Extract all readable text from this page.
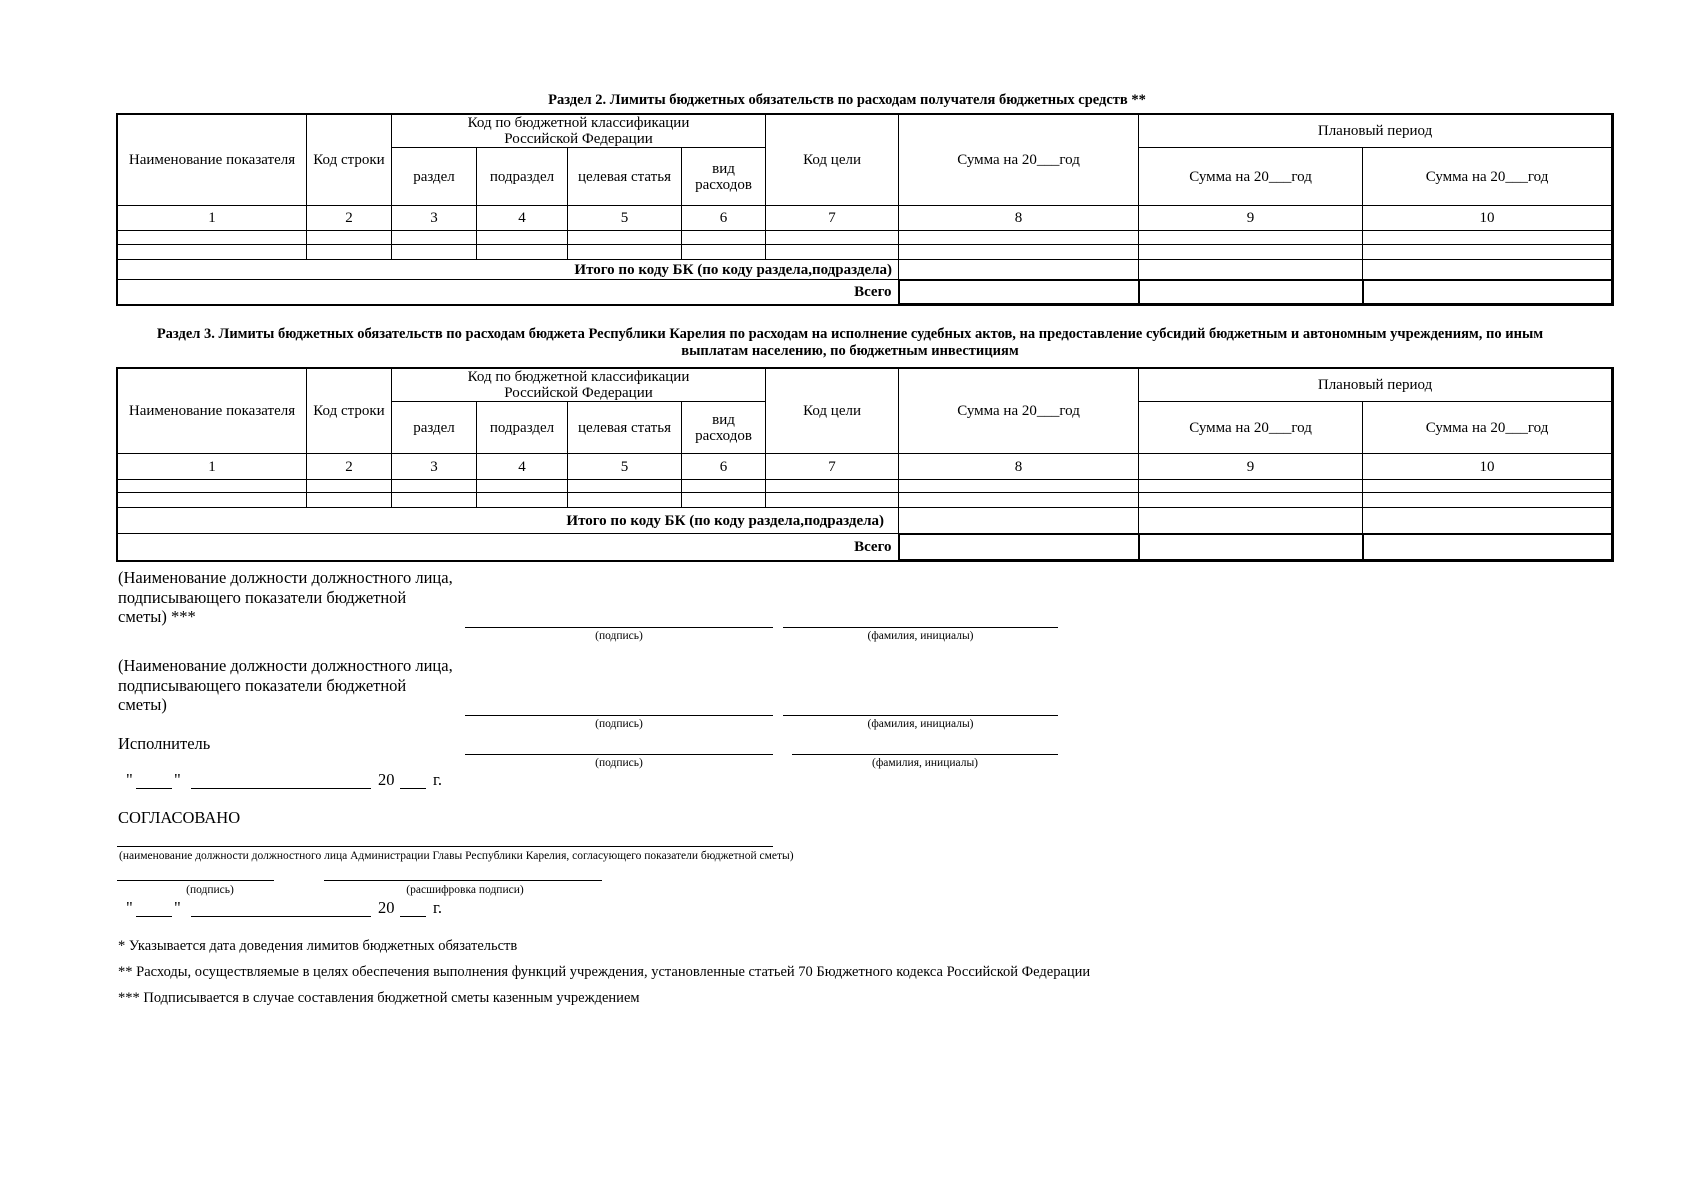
Раздел 2. Лимиты бюджетных обязательств по расходам получателя бюджетных средств **
Наименование показателя	Код строки	Код по бюджетной классификации Российской Федерации				Код цели	Сумма на 20___год	Плановый период	
		раздел	подраздел	целевая статья	вид расходов			Сумма на 20___год	Сумма на 20___год
1	2	3	4	5	6	7	8	9	10

Итого по коду БК (по коду раздела,подраздела)									
Всего									
Раздел 3. Лимиты бюджетных обязательств по расходам бюджета Республики Карелия по расходам на исполнение судебных актов, на предоставление субсидий бюджетным и автономным учреждениям, по иным выплатам населению, по бюджетным инвестициям
Наименование показателя	Код строки	Код по бюджетной классификации Российской Федерации				Код цели	Сумма на 20___год	Плановый период	
		раздел	подраздел	целевая статья	вид расходов			Сумма на 20___год	Сумма на 20___год
1	2	3	4	5	6	7	8	9	10

Итого по коду БК (по коду раздела,подраздела)									
Всего									
(Наименование должности должностного лица, подписывающего показатели бюджетной сметы) ***
(подпись)	(фамилия, инициалы)
(Наименование должности должностного лица, подписывающего показатели бюджетной сметы)
(подпись)	(фамилия, инициалы)
Исполнитель
(подпись)	(фамилия, инициалы)
"	"	20 г.
СОГЛАСОВАНО
(наименование должности должностного лица Администрации Главы Республики Карелия, согласующего показатели бюджетной сметы)
(подпись)	(расшифровка подписи)
"	"	20 г.
* Указывается дата доведения лимитов бюджетных обязательств
** Расходы, осуществляемые в целях обеспечения выполнения функций учреждения, установленные статьей 70 Бюджетного кодекса Российской Федерации
*** Подписывается в случае составления бюджетной сметы казенным учреждением
